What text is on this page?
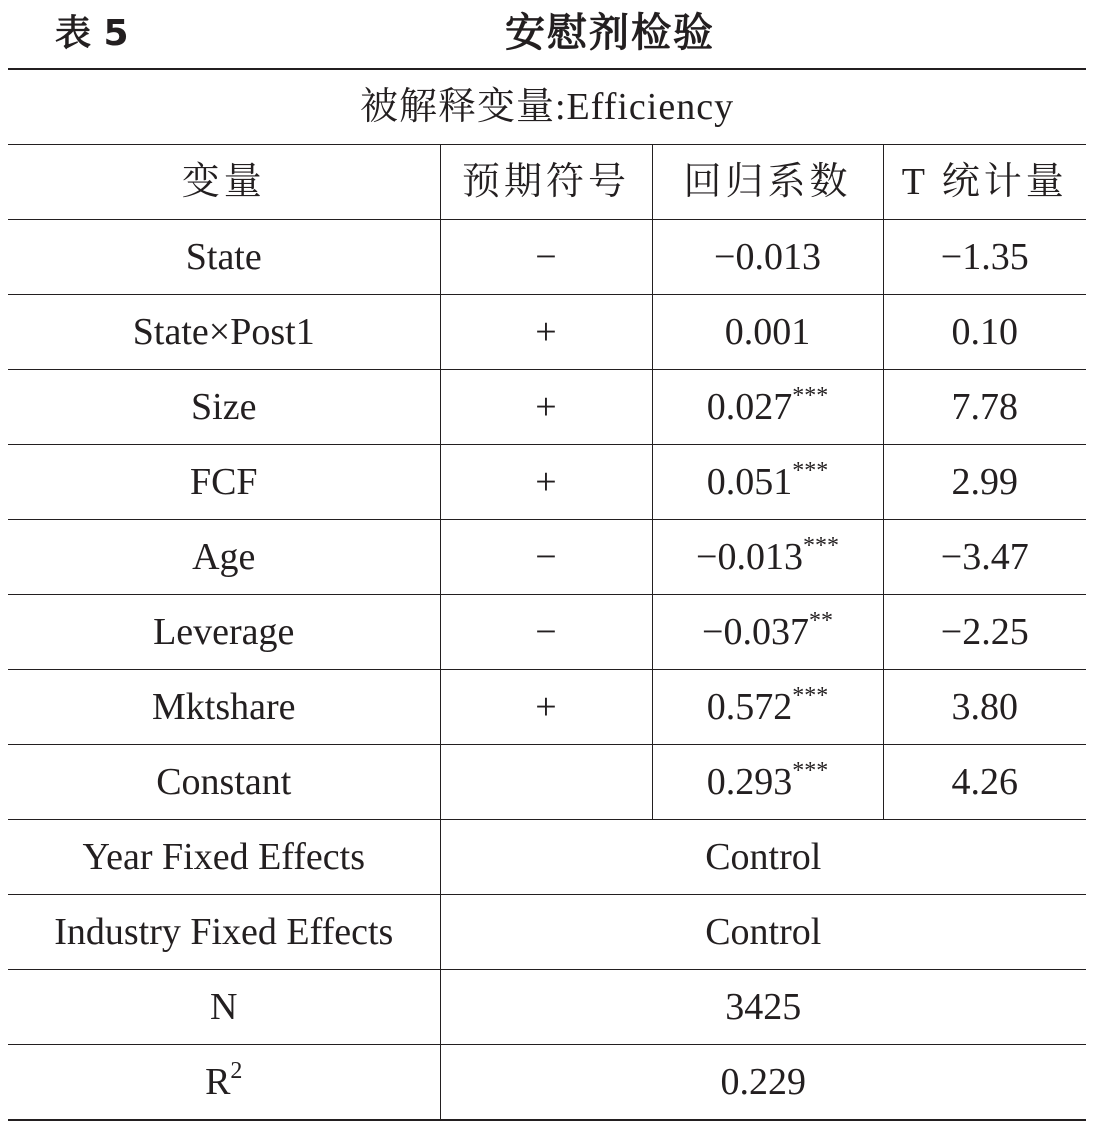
表 5	安慰剂检验
被解释变量:Efficiency			
变量	预期符号	回归系数	T 统计量
State	−	−0.013	−1.35
State×Post1	+	0.001	0.10
Size	+	0.027***	7.78
FCF	+	0.051***	2.99
Age	−	−0.013***	−3.47
Leverage	−	−0.037**	−2.25
Mktshare	+	0.572***	3.80
Constant		0.293***	4.26
Year Fixed Effects	Control		
Industry Fixed Effects	Control		
N	3425		
$R^2$	0.229		
